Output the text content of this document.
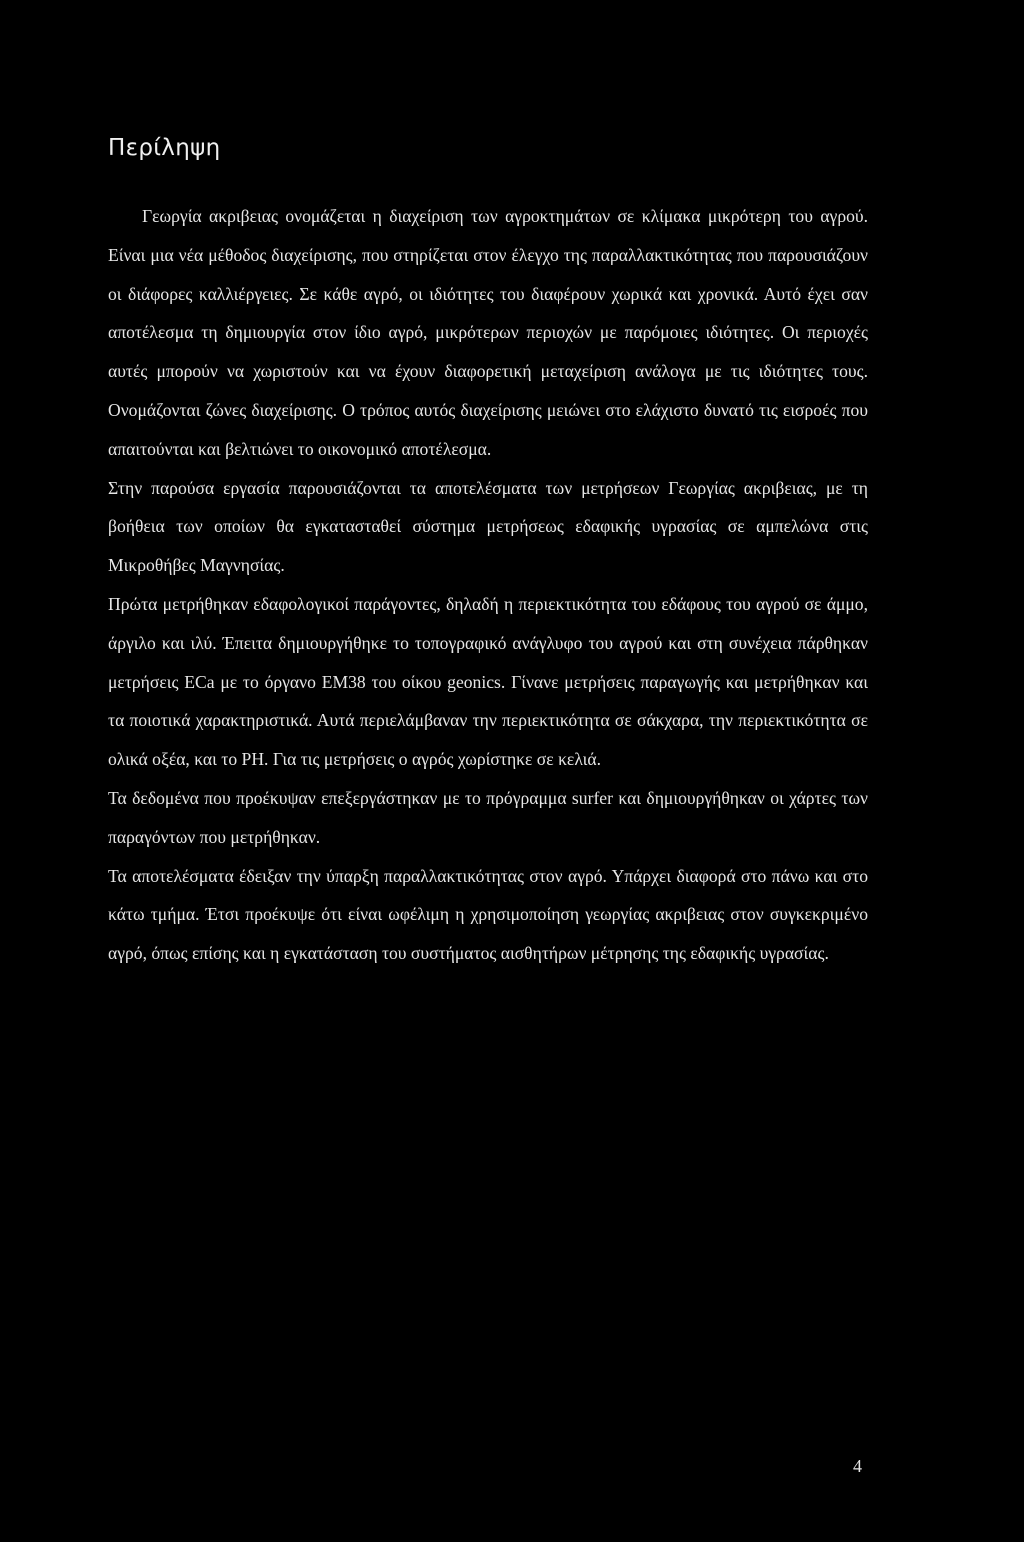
Περίληψη

Γεωργία ακριβειας ονομάζεται η διαχείριση των αγροκτημάτων σε κλίμακα μικρότερη του αγρού. Είναι μια νέα μέθοδος διαχείρισης, που στηρίζεται στον έλεγχο της παραλλακτικότητας που παρουσιάζουν οι διάφορες καλλιέργειες. Σε κάθε αγρό, οι ιδιότητες του διαφέρουν χωρικά και χρονικά. Αυτό έχει σαν αποτέλεσμα τη δημιουργία στον ίδιο αγρό, μικρότερων περιοχών με παρόμοιες ιδιότητες. Οι περιοχές αυτές μπορούν να χωριστούν και να έχουν διαφορετική μεταχείριση ανάλογα με τις ιδιότητες τους. Ονομάζονται ζώνες διαχείρισης. Ο τρόπος αυτός διαχείρισης μειώνει στο ελάχιστο δυνατό τις εισροές που απαιτούνται και βελτιώνει το οικονομικό αποτέλεσμα.

Στην παρούσα εργασία παρουσιάζονται τα αποτελέσματα των μετρήσεων Γεωργίας ακριβειας, με τη βοήθεια των οποίων θα εγκατασταθεί σύστημα μετρήσεως εδαφικής υγρασίας σε αμπελώνα στις Μικροθήβες Μαγνησίας.

Πρώτα μετρήθηκαν εδαφολογικοί παράγοντες, δηλαδή η περιεκτικότητα του εδάφους του αγρού σε άμμο, άργιλο και ιλύ. Έπειτα δημιουργήθηκε το τοπογραφικό ανάγλυφο του αγρού και στη συνέχεια πάρθηκαν μετρήσεις ECa με το όργανο EM38 του οίκου geonics. Γίνανε μετρήσεις παραγωγής και μετρήθηκαν και τα ποιοτικά χαρακτηριστικά. Αυτά περιελάμβαναν την περιεκτικότητα σε σάκχαρα, την περιεκτικότητα σε ολικά οξέα, και το PH. Για τις μετρήσεις ο αγρός χωρίστηκε σε κελιά.

Τα δεδομένα που προέκυψαν επεξεργάστηκαν με το πρόγραμμα surfer και δημιουργήθηκαν οι χάρτες των παραγόντων που μετρήθηκαν.

Τα αποτελέσματα έδειξαν την ύπαρξη παραλλακτικότητας στον αγρό. Υπάρχει διαφορά στο πάνω και στο κάτω τμήμα. Έτσι προέκυψε ότι είναι ωφέλιμη η χρησιμοποίηση γεωργίας ακριβειας στον συγκεκριμένο αγρό, όπως επίσης και η εγκατάσταση του συστήματος αισθητήρων μέτρησης της εδαφικής υγρασίας.

4
